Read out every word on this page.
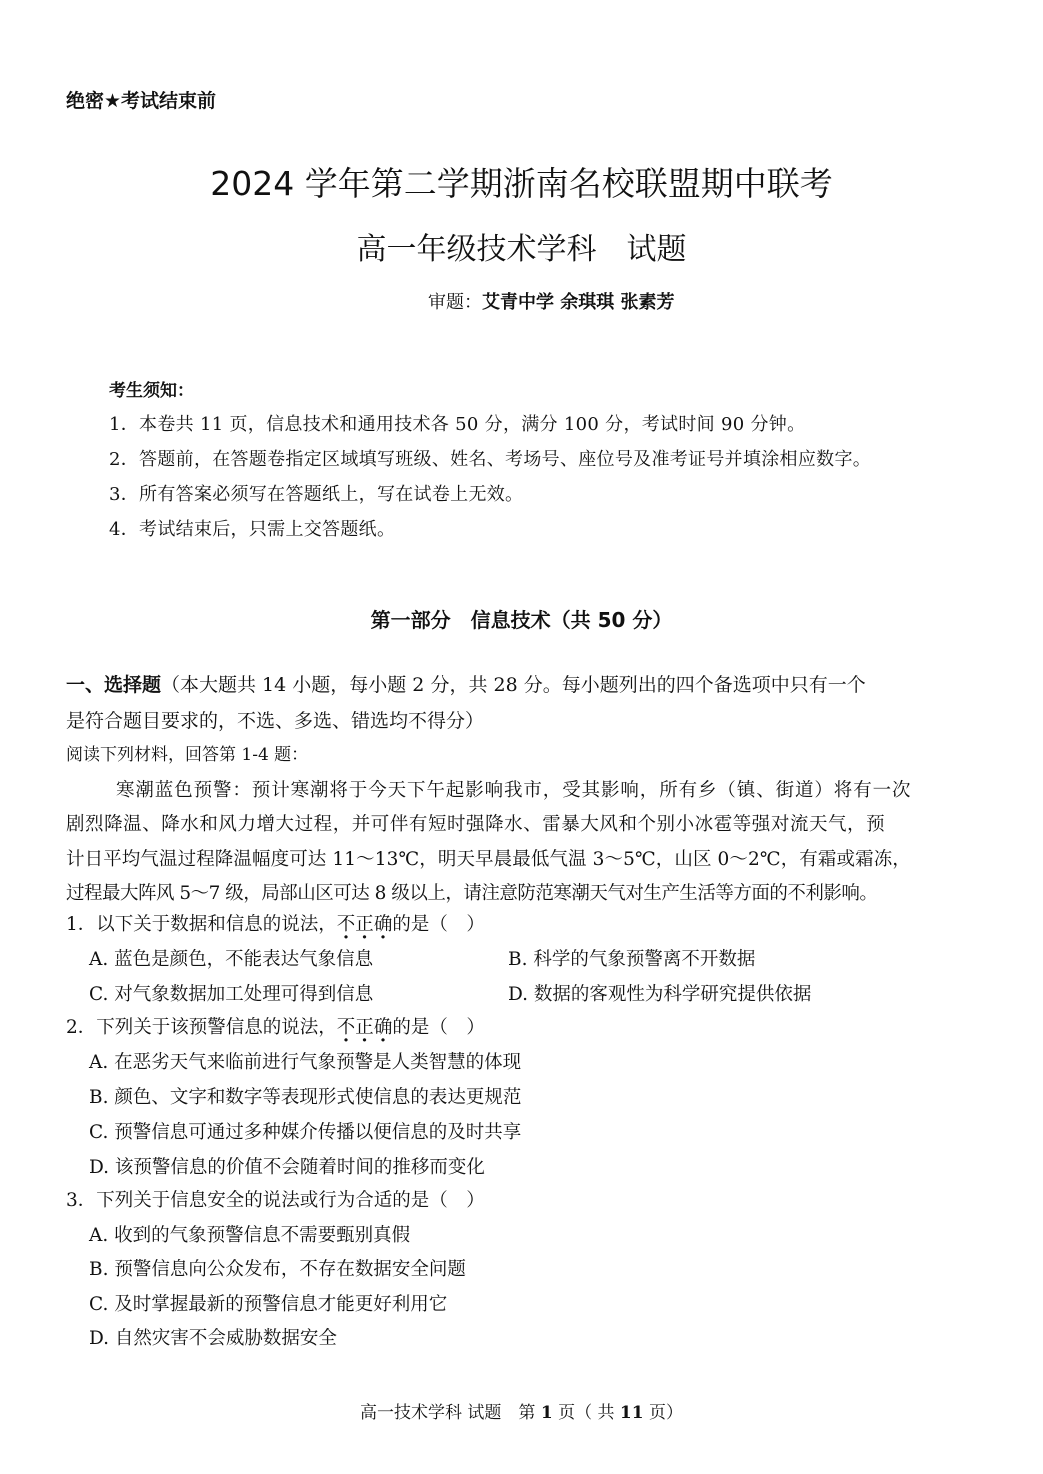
绝密★考试结束前
2024 学年第二学期浙南名校联盟期中联考
高一年级技术学科　试题
审题：艾青中学 余琪琪 张素芳
考生须知：
1．本卷共 11 页，信息技术和通用技术各 50 分，满分 100 分，考试时间 90 分钟。
2．答题前，在答题卷指定区域填写班级、姓名、考场号、座位号及准考证号并填涂相应数字。
3．所有答案必须写在答题纸上，写在试卷上无效。
4．考试结束后，只需上交答题纸。
第一部分　信息技术（共 50 分）
一、选择题（本大题共 14 小题，每小题 2 分，共 28 分。每小题列出的四个备选项中只有一个
是符合题目要求的，不选、多选、错选均不得分）
阅读下列材料，回答第 1-4 题：
寒潮蓝色预警：预计寒潮将于今天下午起影响我市，受其影响，所有乡（镇、街道）将有一次
剧烈降温、降水和风力增大过程，并可伴有短时强降水、雷暴大风和个别小冰雹等强对流天气，预
计日平均气温过程降温幅度可达 11～13℃，明天早晨最低气温 3～5℃，山区 0～2℃，有霜或霜冻，
过程最大阵风 5～7 级，局部山区可达 8 级以上，请注意防范寒潮天气对生产生活等方面的不利影响。
1．以下关于数据和信息的说法，不正确的是（　）
A. 蓝色是颜色，不能表达气象信息	B. 科学的气象预警离不开数据
C. 对气象数据加工处理可得到信息	D. 数据的客观性为科学研究提供依据
2．下列关于该预警信息的说法，不正确的是（　）
A. 在恶劣天气来临前进行气象预警是人类智慧的体现
B. 颜色、文字和数字等表现形式使信息的表达更规范
C. 预警信息可通过多种媒介传播以便信息的及时共享
D. 该预警信息的价值不会随着时间的推移而变化
3．下列关于信息安全的说法或行为合适的是（　）
A. 收到的气象预警信息不需要甄别真假
B. 预警信息向公众发布，不存在数据安全问题
C. 及时掌握最新的预警信息才能更好利用它
D. 自然灾害不会威胁数据安全
高一技术学科 试题　第 1 页（ 共 11 页）
